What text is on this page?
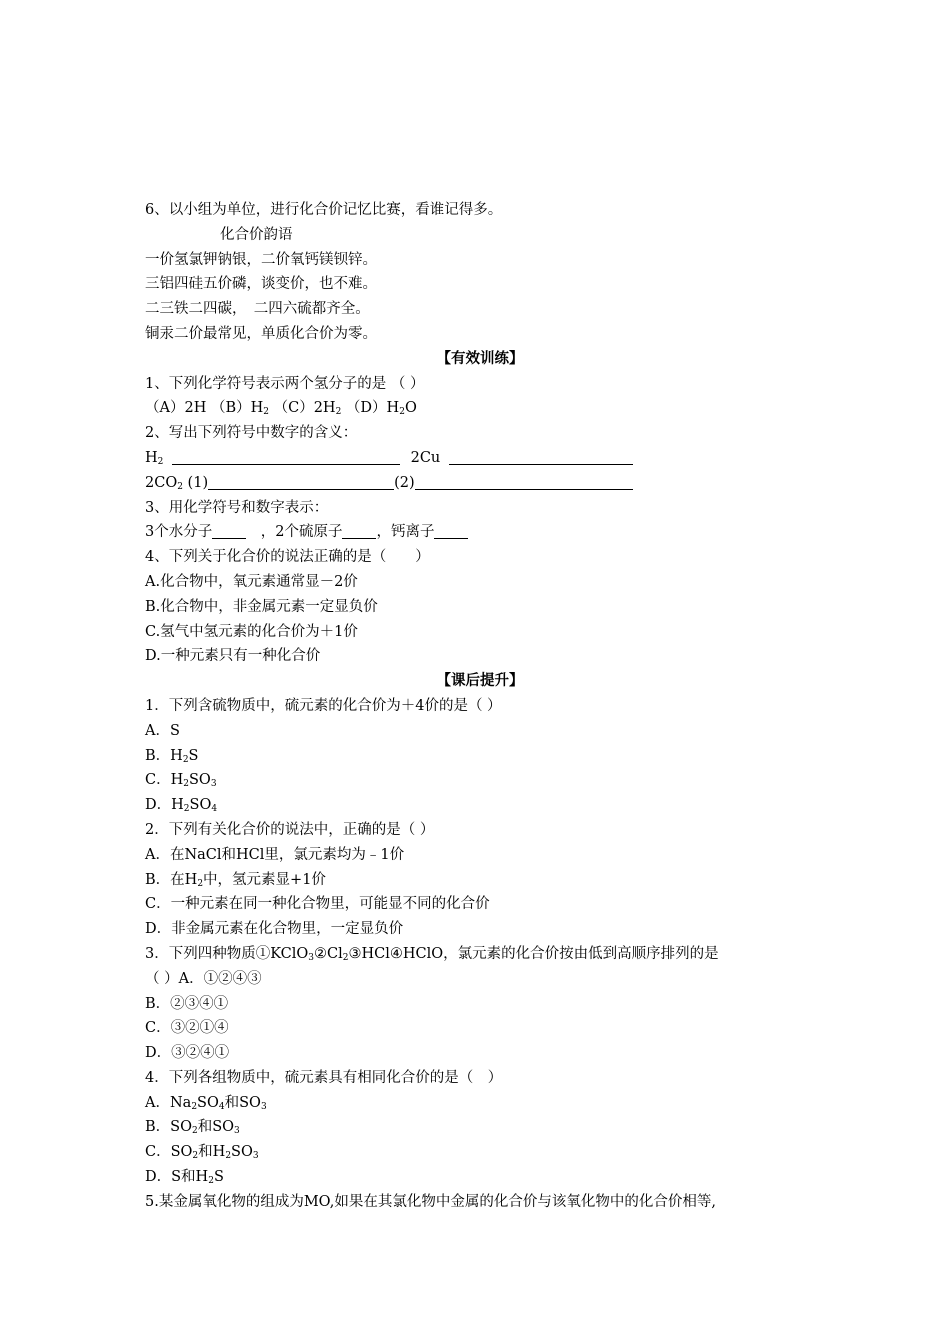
6、以小组为单位，进行化合价记忆比赛，看谁记得多。
化合价韵语
一价氢氯钾钠银，二价氧钙镁钡锌。
三铝四硅五价磷，谈变价，也不难。
二三铁二四碳，　二四六硫都齐全。
铜汞二价最常见，单质化合价为零。
【有效训练】
1、下列化学符号表示两个氢分子的是 （ ）
（A）2H $(B)H_2$ $(C)2H_2$ $(D)H_2O$
2、写出下列符号中数字的含义：
$H_2$	2Cu
$2CO_2$ (1)	(2)
3、用化学符号和数字表示：
3个水分子　，2个硫原子 ，钙离子
4、下列关于化合价的说法正确的是（　　）
A.化合物中，氧元素通常显－2价
B.化合物中，非金属元素一定显负价
C.氢气中氢元素的化合价为＋1价
D.一种元素只有一种化合价
【课后提升】
1．下列含硫物质中，硫元素的化合价为＋4价的是（ ）
A．S
B．$H_2S$
C．$H_2SO_3$
D．$H_2SO_4$
2．下列有关化合价的说法中，正确的是（ ）
A．在NaCl和HCl里，氯元素均为﹣1价
B．在$H_2$中，氢元素显+1价
C．一种元素在同一种化合物里，可能显不同的化合价
D．非金属元素在化合物里，一定显负价
3．下列四种物质$①KClO_3②Cl_2③HCl④HClO$，氯元素的化合价按由低到高顺序排列的是
（ ）A．①②④③
B．②③④①
C．③②①④
D．③②④①
4．下列各组物质中，硫元素具有相同化合价的是（　）
A．$Na_2SO_4$和$SO_3$
B．$SO_2$和$SO_3$
C．$SO_2$和$H_2SO_3$
D．S和$H_2S$
5.某金属氧化物的组成为MO,如果在其氯化物中金属的化合价与该氧化物中的化合价相等,
